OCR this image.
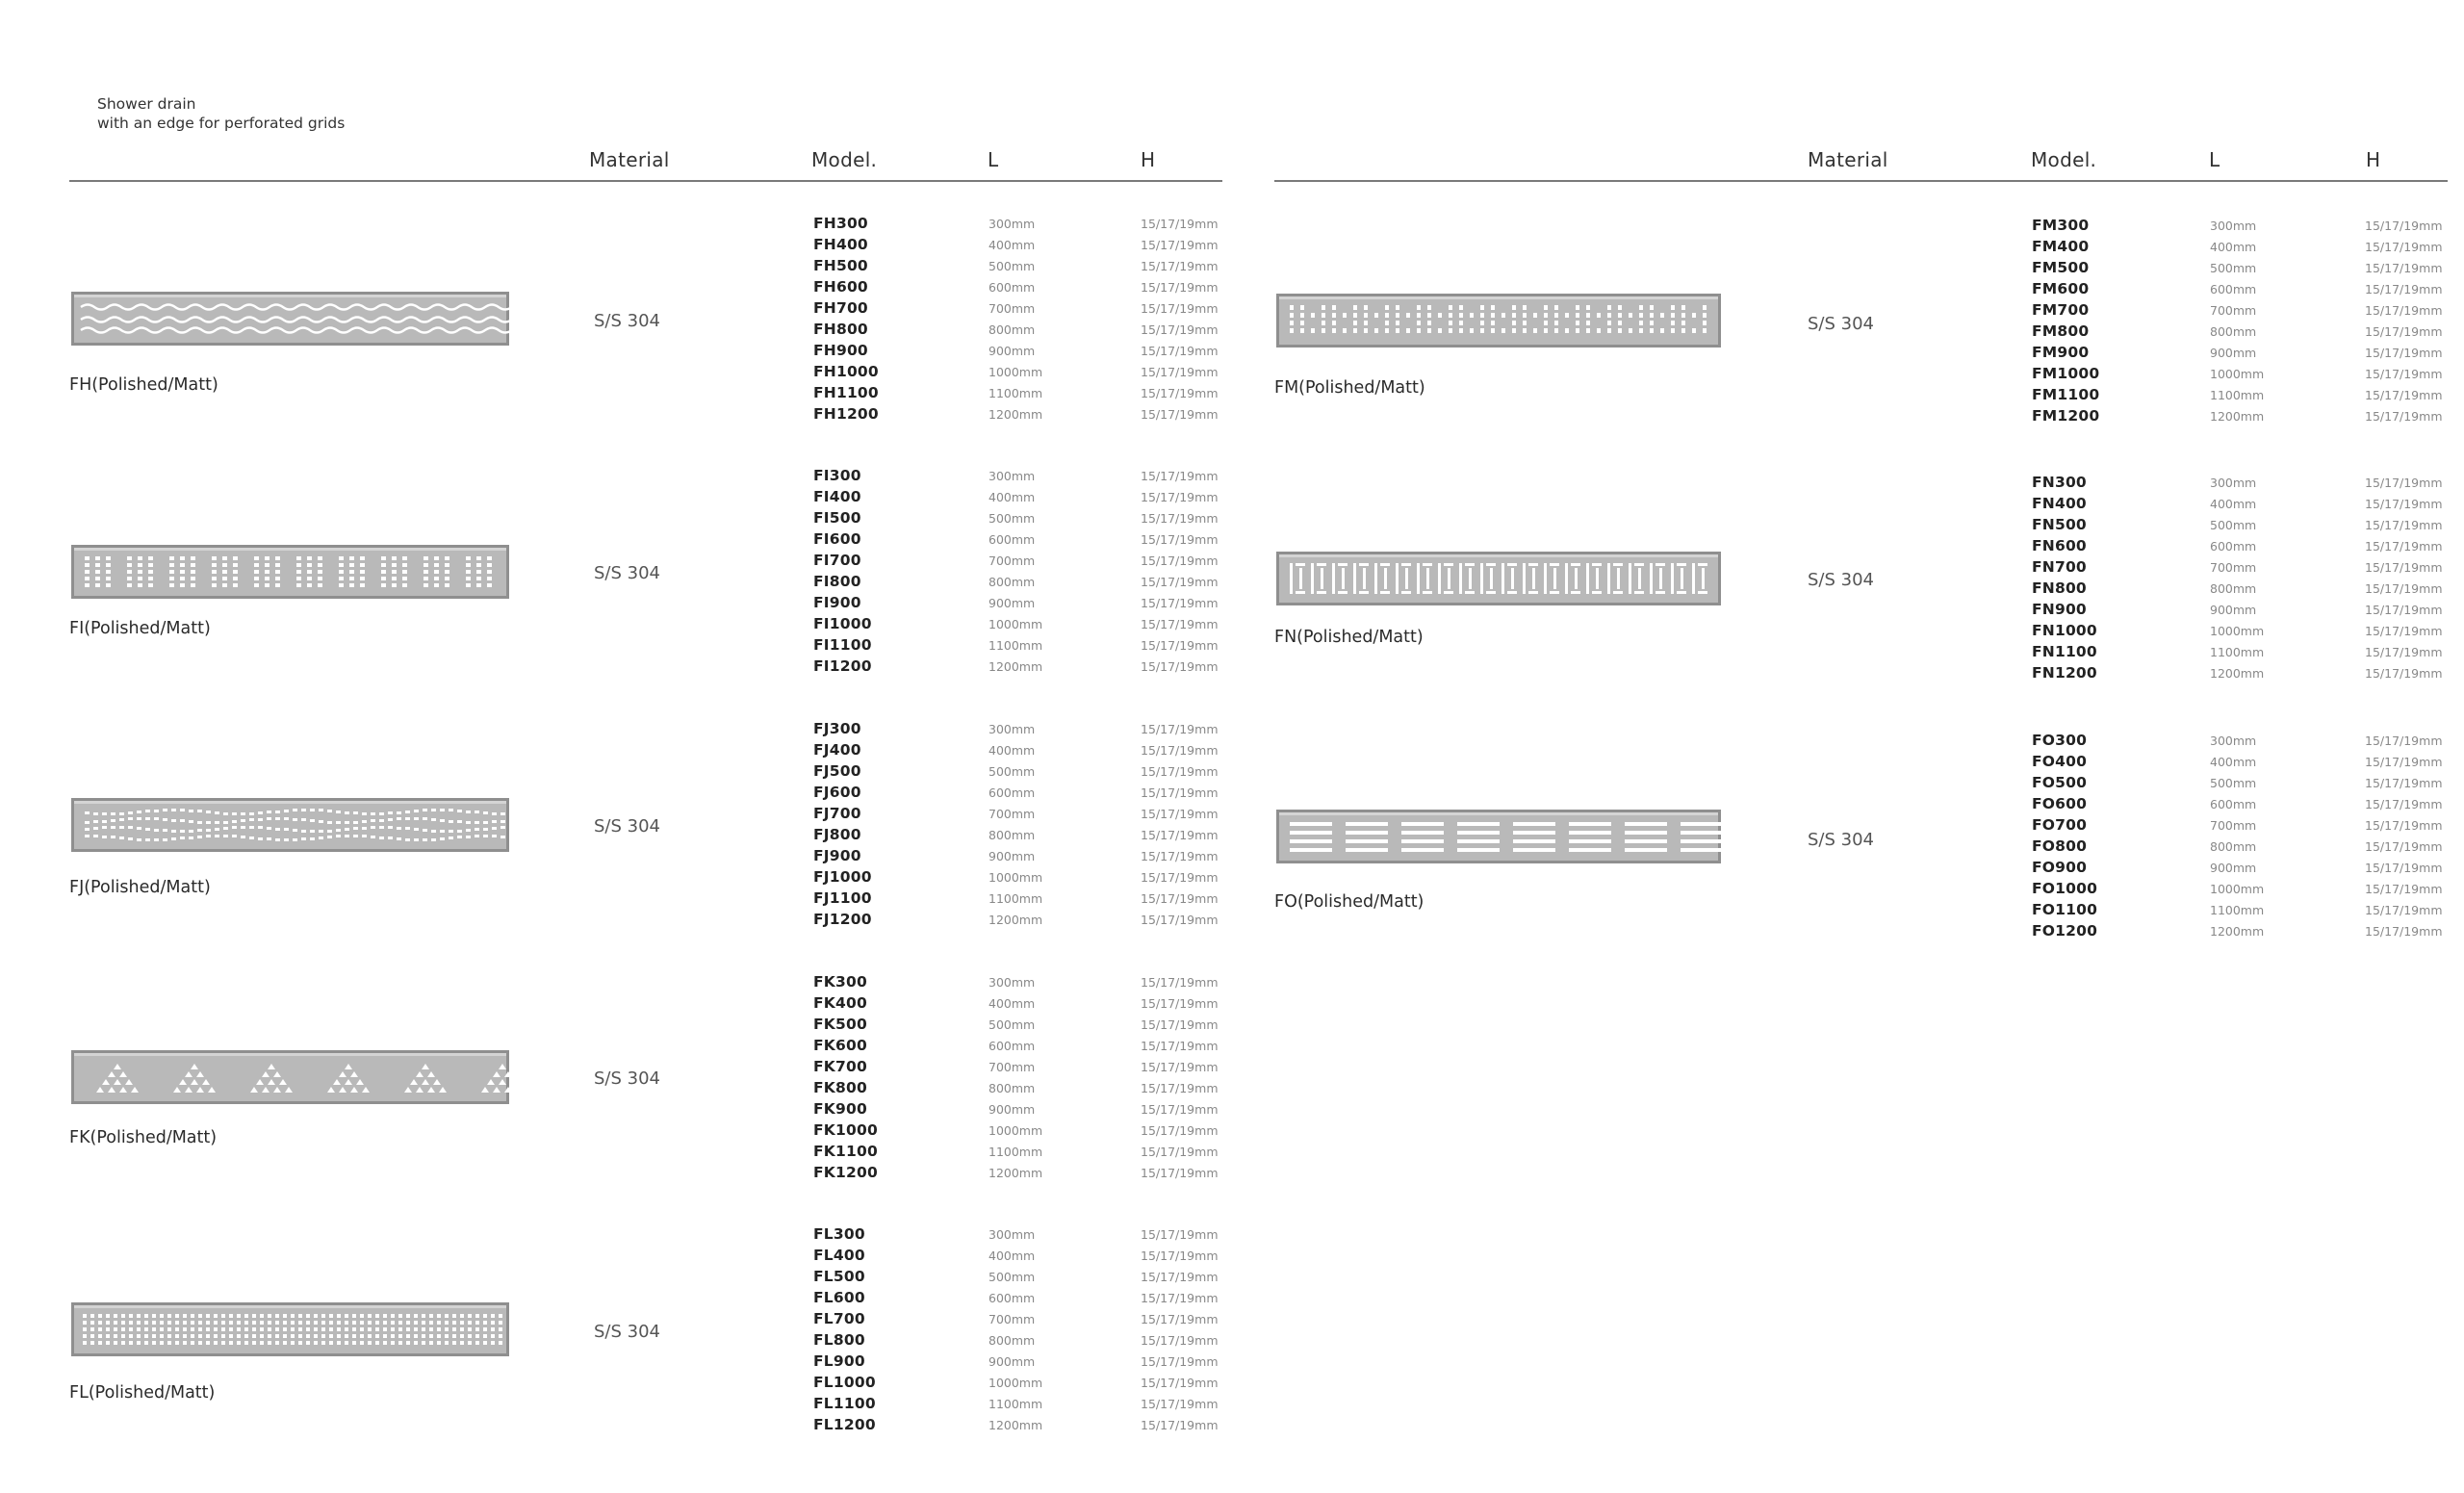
Shower drain
with an edge for perforated grids
Material	Model.	L	H	Material	Model.	L	H
FH(Polished/Matt)
S/S 304
FH300	300mm	15/17/19mm
FH400	400mm	15/17/19mm
FH500	500mm	15/17/19mm
FH600	600mm	15/17/19mm
FH700	700mm	15/17/19mm
FH800	800mm	15/17/19mm
FH900	900mm	15/17/19mm
FH1000	1000mm	15/17/19mm
FH1100	1100mm	15/17/19mm
FH1200	1200mm	15/17/19mm
FI(Polished/Matt)
S/S 304
FI300	300mm	15/17/19mm
FI400	400mm	15/17/19mm
FI500	500mm	15/17/19mm
FI600	600mm	15/17/19mm
FI700	700mm	15/17/19mm
FI800	800mm	15/17/19mm
FI900	900mm	15/17/19mm
FI1000	1000mm	15/17/19mm
FI1100	1100mm	15/17/19mm
FI1200	1200mm	15/17/19mm
FJ(Polished/Matt)
S/S 304
FJ300	300mm	15/17/19mm
FJ400	400mm	15/17/19mm
FJ500	500mm	15/17/19mm
FJ600	600mm	15/17/19mm
FJ700	700mm	15/17/19mm
FJ800	800mm	15/17/19mm
FJ900	900mm	15/17/19mm
FJ1000	1000mm	15/17/19mm
FJ1100	1100mm	15/17/19mm
FJ1200	1200mm	15/17/19mm
FK(Polished/Matt)
S/S 304
FK300	300mm	15/17/19mm
FK400	400mm	15/17/19mm
FK500	500mm	15/17/19mm
FK600	600mm	15/17/19mm
FK700	700mm	15/17/19mm
FK800	800mm	15/17/19mm
FK900	900mm	15/17/19mm
FK1000	1000mm	15/17/19mm
FK1100	1100mm	15/17/19mm
FK1200	1200mm	15/17/19mm
FL(Polished/Matt)
S/S 304
FL300	300mm	15/17/19mm
FL400	400mm	15/17/19mm
FL500	500mm	15/17/19mm
FL600	600mm	15/17/19mm
FL700	700mm	15/17/19mm
FL800	800mm	15/17/19mm
FL900	900mm	15/17/19mm
FL1000	1000mm	15/17/19mm
FL1100	1100mm	15/17/19mm
FL1200	1200mm	15/17/19mm
FM(Polished/Matt)
S/S 304
FM300	300mm	15/17/19mm
FM400	400mm	15/17/19mm
FM500	500mm	15/17/19mm
FM600	600mm	15/17/19mm
FM700	700mm	15/17/19mm
FM800	800mm	15/17/19mm
FM900	900mm	15/17/19mm
FM1000	1000mm	15/17/19mm
FM1100	1100mm	15/17/19mm
FM1200	1200mm	15/17/19mm
FN(Polished/Matt)
S/S 304
FN300	300mm	15/17/19mm
FN400	400mm	15/17/19mm
FN500	500mm	15/17/19mm
FN600	600mm	15/17/19mm
FN700	700mm	15/17/19mm
FN800	800mm	15/17/19mm
FN900	900mm	15/17/19mm
FN1000	1000mm	15/17/19mm
FN1100	1100mm	15/17/19mm
FN1200	1200mm	15/17/19mm
FO(Polished/Matt)
S/S 304
FO300	300mm	15/17/19mm
FO400	400mm	15/17/19mm
FO500	500mm	15/17/19mm
FO600	600mm	15/17/19mm
FO700	700mm	15/17/19mm
FO800	800mm	15/17/19mm
FO900	900mm	15/17/19mm
FO1000	1000mm	15/17/19mm
FO1100	1100mm	15/17/19mm
FO1200	1200mm	15/17/19mm
